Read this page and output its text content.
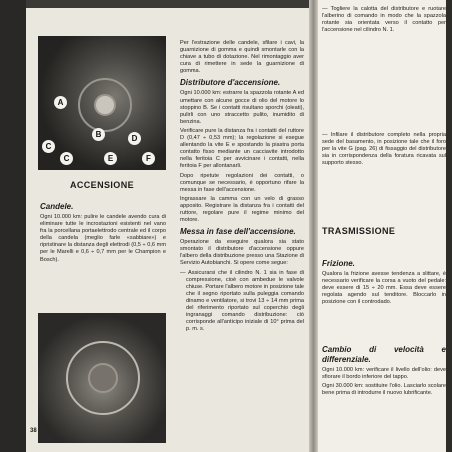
A
B
C
D
C	E	F
ACCENSIONE
Candele.

Ogni 10.000 km: pulire le candele avendo cura di eliminare tutte le incrostazioni esistenti nel vano fra la porcellana portaelettrodo centrale ed il corpo della candela (meglio farle «sabbiare») e ripristinare la distanza degli elettrodi (0,5 ÷ 0,6 mm per le Marelli e 0,6 ÷ 0,7 mm per le Champion e Bosch).

Per l'estrazione delle candele, sfilare i cavi, la guarnizione di gomma e quindi smontarle con la chiave a tubo di dotazione. Nel rimontaggio aver cura di rimettere in sede la guarnizione di gomma.

Distributore d'accensione.

Ogni 10.000 km: estrarre la spazzola rotante A ed umettare con alcune gocce di olio del motore lo stoppino B. Se i contatti risultano sporchi (oleati), pulirli con uno straccetto pulito, inumidito di benzina.

Verificare pure la distanza fra i contatti del ruttore D (0,47 ÷ 0,53 mm); la regolazione si esegue allentando la vite E e spostando la piastra porta contatto fisso mediante un cacciavite introdotto nella feritoia C per avvicinare i contatti, nella feritoia F per allontanarli.

Dopo ripetute regolazioni dei contatti, o comunque se necessario, è opportuno rifare la messa in fase dell'accensione.

Ingrassare la camma con un velo di grasso apposito. Registrare la distanza fra i contatti del ruttore, regolare pure il regime minimo del motore.

Messa in fase dell'accensione.

Operazione da eseguire qualora sia stato smontato il distributore d'accensione oppure l'albero della distribuzione presso una Stazione di Servizio Autobianchi. Si opere come segue:

— Assicurarsi che il cilindro N. 1 sia in fase di compressione, cioè con ambedue le valvole chiuse. Portare l'albero motore in posizione tale che il segno riportato sulla puleggia comando dinamo e ventilatore, si trovi 13 ÷ 14 mm prima del riferimento riportato sul coperchio degli ingranaggi comando distribuzione: ciò corrisponde all'anticipo iniziale di 10° prima del p. m. s.

38
— Togliere la calotta del distributore e ruotare l'alberino di comando in modo che la spazzola rotante sia orientata verso il contatto per l'accensione nel cilindro N. 1.
— Infilare il distributore completo nella propria sede del basamento, in posizione tale che il foro per la vite G (pag. 26) di fissaggio del distributore sia in corrispondenza della foratura ricavata sul supporto stesso.
TRASMISSIONE
Frizione.

Qualora la frizione avesse tendenza a slittare, è necessario verificare la corsa a vuoto del pedale: deve essere di 15 ÷ 20 mm. Essa deve essere regolata agendo sul tenditore. Bloccarlo in posizione con il controdado.

Cambio di velocità e differenziale.

Ogni 10.000 km: verificare il livello dell'olio: deve sfiorare il bordo inferiore del tappo.

Ogni 30.000 km: sostituire l'olio. Lasciarlo scolare bene prima di introdurre il nuovo lubrificante.
